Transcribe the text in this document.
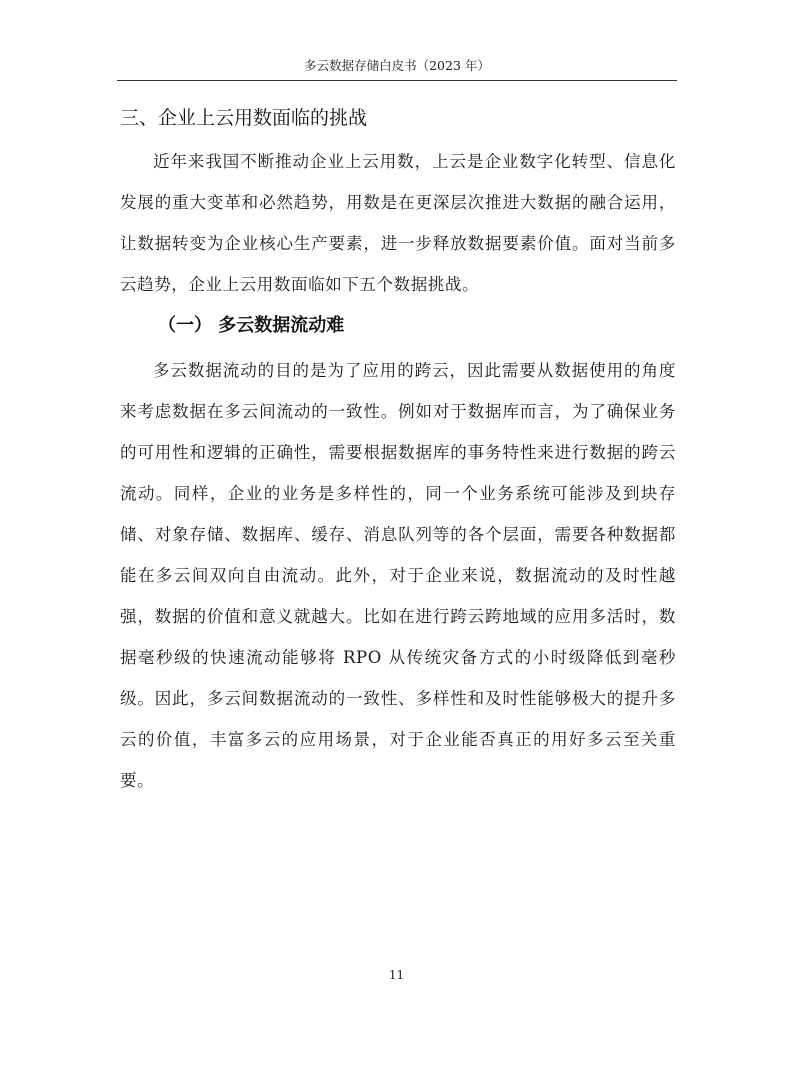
多云数据存储白皮书（2023 年）
三、企业上云用数面临的挑战

近年来我国不断推动企业上云用数，上云是企业数字化转型、信息化发展的重大变革和必然趋势，用数是在更深层次推进大数据的融合运用，让数据转变为企业核心生产要素，进一步释放数据要素价值。面对当前多云趋势，企业上云用数面临如下五个数据挑战。

（一） 多云数据流动难

多云数据流动的目的是为了应用的跨云，因此需要从数据使用的角度来考虑数据在多云间流动的一致性。例如对于数据库而言，为了确保业务的可用性和逻辑的正确性，需要根据数据库的事务特性来进行数据的跨云流动。同样，企业的业务是多样性的，同一个业务系统可能涉及到块存储、对象存储、数据库、缓存、消息队列等的各个层面，需要各种数据都能在多云间双向自由流动。此外，对于企业来说，数据流动的及时性越强，数据的价值和意义就越大。比如在进行跨云跨地域的应用多活时，数据毫秒级的快速流动能够将 RPO 从传统灾备方式的小时级降低到毫秒级。因此，多云间数据流动的一致性、多样性和及时性能够极大的提升多云的价值，丰富多云的应用场景，对于企业能否真正的用好多云至关重要。

11
